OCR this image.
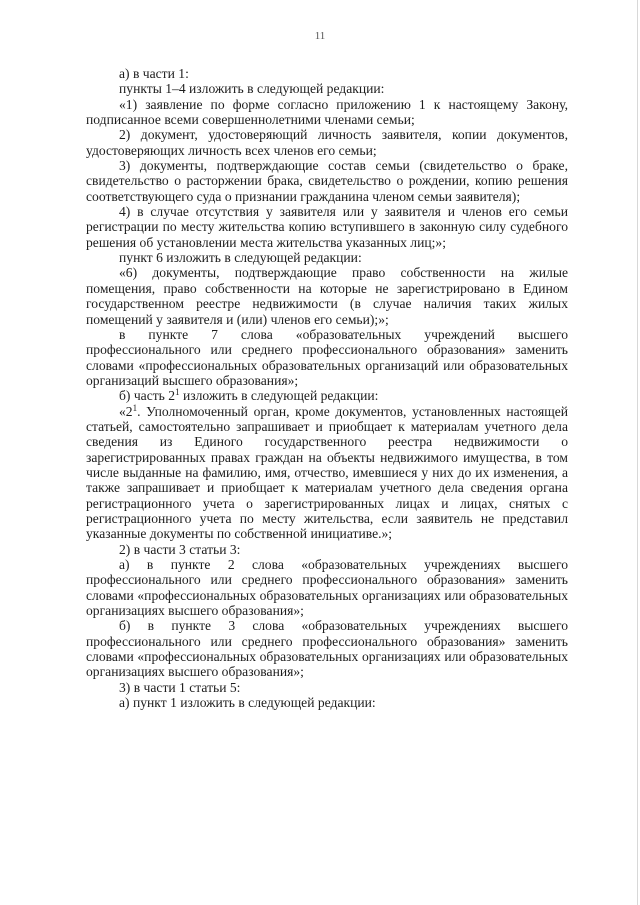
11

а) в части 1:

пункты 1–4 изложить в следующей редакции:

«1) заявление по форме согласно приложению 1 к настоящему Закону, подписанное всеми совершеннолетними членами семьи;

2) документ, удостоверяющий личность заявителя, копии документов, удостоверяющих личность всех членов его семьи;

3) документы, подтверждающие состав семьи (свидетельство о браке, свидетельство о расторжении брака, свидетельство о рождении, копию решения соответствующего суда о признании гражданина членом семьи заявителя);

4) в случае отсутствия у заявителя или у заявителя и членов его семьи регистрации по месту жительства копию вступившего в законную силу судебного решения об установлении места жительства указанных лиц;»;

пункт 6 изложить в следующей редакции:

«6) документы, подтверждающие право собственности на жилые помещения, право собственности на которые не зарегистрировано в Едином государственном реестре недвижимости (в случае наличия таких жилых помещений у заявителя и (или) членов его семьи);»;

в пункте 7 слова «образовательных учреждений высшего профессионального или среднего профессионального образования» заменить словами «профессиональных образовательных организаций или образовательных организаций высшего образования»;

б) часть $2^1$ изложить в следующей редакции:

«$2^1$. Уполномоченный орган, кроме документов, установленных настоящей статьей, самостоятельно запрашивает и приобщает к материалам учетного дела сведения из Единого государственного реестра недвижимости о зарегистрированных правах граждан на объекты недвижимого имущества, в том числе выданные на фамилию, имя, отчество, имевшиеся у них до их изменения, а также запрашивает и приобщает к материалам учетного дела сведения органа регистрационного учета о зарегистрированных лицах и лицах, снятых с регистрационного учета по месту жительства, если заявитель не представил указанные документы по собственной инициативе.»;

2) в части 3 статьи 3:

а) в пункте 2 слова «образовательных учреждениях высшего профессионального или среднего профессионального образования» заменить словами «профессиональных образовательных организациях или образовательных организациях высшего образования»;

б) в пункте 3 слова «образовательных учреждениях высшего профессионального или среднего профессионального образования» заменить словами «профессиональных образовательных организациях или образовательных организациях высшего образования»;

3) в части 1 статьи 5:

а) пункт 1 изложить в следующей редакции:
